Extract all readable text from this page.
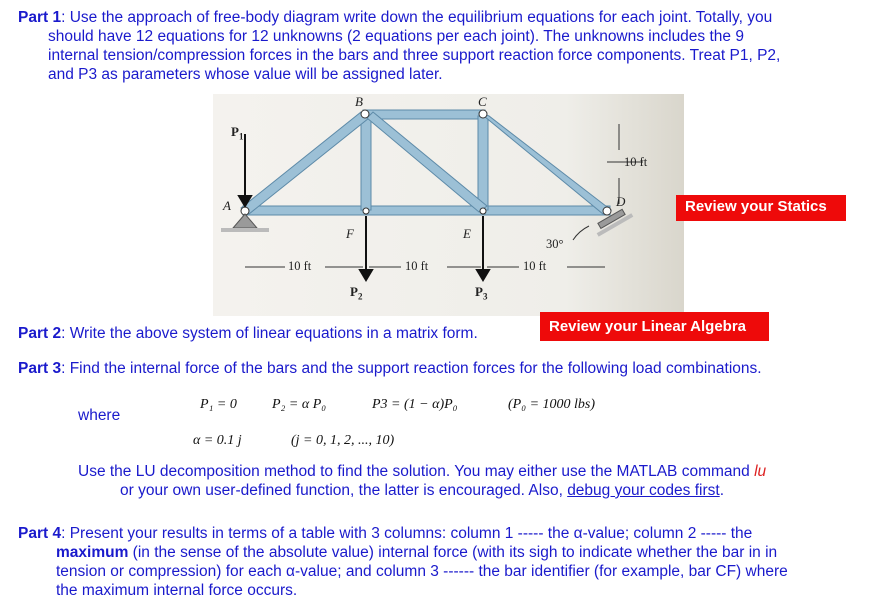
Part 1: Use the approach of free-body diagram write down the equilibrium equations for each joint. Totally, you

should have 12 equations for 12 unknowns (2 equations per each joint). The unknowns includes the 9

internal tension/compression forces in the bars and three support reaction force components. Treat P1, P2,

and P3 as parameters whose value will be assigned later.

$P_1$
$P_2$	$P_3$
A
B	C
D
E
F
10 ft	10 ft	10 ft
10 ft
30°
Review your Statics
Review your Linear Algebra

Part 2: Write the above system of linear equations in a matrix form.

Part 3: Find the internal force of the bars and the support reaction forces for the following load combinations.

P₁ = 0	P₂ = α P₀	P3 = (1 − α)P₀	(P₀ = 1000 lbs)
where
α = 0.1 j	(j = 0, 1, 2, ..., 10)

Use the LU decomposition method to find the solution. You may either use the MATLAB command lu

or your own user-defined function, the latter is encouraged. Also, debug your codes first.

Part 4: Present your results in terms of a table with 3 columns: column 1 ----- the α-value; column 2 ----- the

maximum (in the sense of the absolute value) internal force (with its sigh to indicate whether the bar in in

tension or compression) for each α-value; and column 3 ------ the bar identifier (for example, bar CF) where

the maximum internal force occurs.
